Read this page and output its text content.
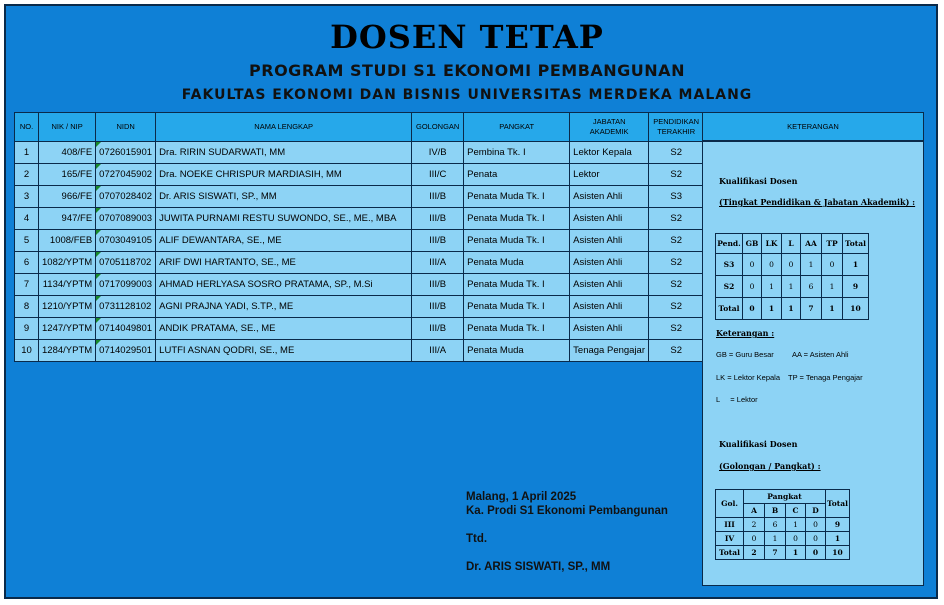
DOSEN TETAP
PROGRAM STUDI S1 EKONOMI PEMBANGUNAN
FAKULTAS EKONOMI DAN BISNIS UNIVERSITAS MERDEKA MALANG
NO.	NIK / NIP	NIDN	NAMA LENGKAP	GOLONGAN	PANGKAT	JABATAN AKADEMIK	PENDIDIKAN TERAKHIR
1	408/FE	0726015901	Dra. RIRIN SUDARWATI, MM	IV/B	Pembina Tk. I	Lektor Kepala	S2
2	165/FE	0727045902	Dra. NOEKE CHRISPUR MARDIASIH, MM	III/C	Penata	Lektor	S2
3	966/FE	0707028402	Dr. ARIS SISWATI, SP., MM	III/B	Penata Muda Tk. I	Asisten Ahli	S3
4	947/FE	0707089003	JUWITA PURNAMI RESTU SUWONDO, SE., ME., MBA	III/B	Penata Muda Tk. I	Asisten Ahli	S2
5	1008/FEB	0703049105	ALIF DEWANTARA, SE., ME	III/B	Penata Muda Tk. I	Asisten Ahli	S2
6	1082/YPTM	0705118702	ARIF DWI HARTANTO, SE., ME	III/A	Penata Muda	Asisten Ahli	S2
7	1134/YPTM	0717099003	AHMAD HERLYASA SOSRO PRATAMA, SP., M.Si	III/B	Penata Muda Tk. I	Asisten Ahli	S2
8	1210/YPTM	0731128102	AGNI PRAJNA YADI, S.TP., ME	III/B	Penata Muda Tk. I	Asisten Ahli	S2
9	1247/YPTM	0714049801	ANDIK PRATAMA, SE., ME	III/B	Penata Muda Tk. I	Asisten Ahli	S2
10	1284/YPTM	0714029501	LUTFI ASNAN QODRI, SE., ME	III/A	Penata Muda	Tenaga Pengajar	S2
KETERANGAN
Kualifikasi Dosen
(Tingkat Pendidikan & Jabatan Akademik) :
Pend.	GB	LK	L	AA	TP	Total
S3	0	0	0	1	0	1
S2	0	1	1	6	1	9
Total	0	1	1	7	1	10
Keterangan :
GB = Guru Besar AA = Asisten Ahli
LK = Lektor Kepala TP = Tenaga Pengajar
L     = Lektor
Kualifikasi Dosen
(Golongan / Pangkat) :
Gol.	Pangkat				Total
	A	B	C	D	
III	2	6	1	0	9
IV	0	1	0	0	1
Total	2	7	1	0	10
Malang, 1 April 2025
Ka. Prodi S1 Ekonomi Pembangunan
Ttd.
Dr. ARIS SISWATI, SP., MM
